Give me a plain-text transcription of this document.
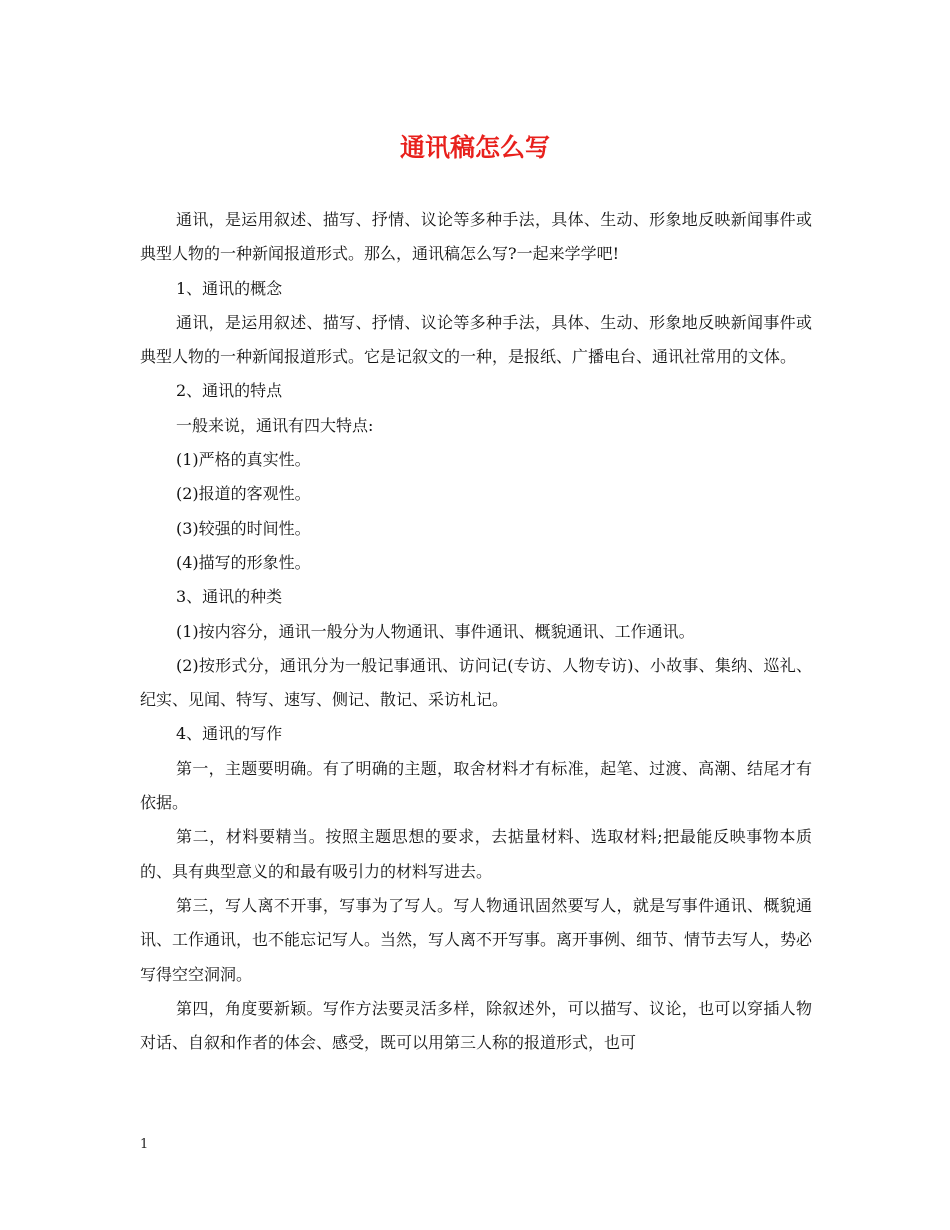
通讯稿怎么写

通讯，是运用叙述、描写、抒情、议论等多种手法，具体、生动、形象地反映新闻事件或典型人物的一种新闻报道形式。那么，通讯稿怎么写?一起来学学吧!

1、通讯的概念

通讯，是运用叙述、描写、抒情、议论等多种手法，具体、生动、形象地反映新闻事件或典型人物的一种新闻报道形式。它是记叙文的一种，是报纸、广播电台、通讯社常用的文体。

2、通讯的特点

一般来说，通讯有四大特点:

(1)严格的真实性。

(2)报道的客观性。

(3)较强的时间性。

(4)描写的形象性。

3、通讯的种类

(1)按内容分，通讯一般分为人物通讯、事件通讯、概貌通讯、工作通讯。

(2)按形式分，通讯分为一般记事通讯、访问记(专访、人物专访)、小故事、集纳、巡礼、纪实、见闻、特写、速写、侧记、散记、采访札记。

4、通讯的写作

第一，主题要明确。有了明确的主题，取舍材料才有标准，起笔、过渡、高潮、结尾才有依据。

第二，材料要精当。按照主题思想的要求，去掂量材料、选取材料;把最能反映事物本质的、具有典型意义的和最有吸引力的材料写进去。

第三，写人离不开事，写事为了写人。写人物通讯固然要写人，就是写事件通讯、概貌通讯、工作通讯，也不能忘记写人。当然，写人离不开写事。离开事例、细节、情节去写人，势必写得空空洞洞。

第四，角度要新颖。写作方法要灵活多样，除叙述外，可以描写、议论，也可以穿插人物对话、自叙和作者的体会、感受，既可以用第三人称的报道形式，也可

1
